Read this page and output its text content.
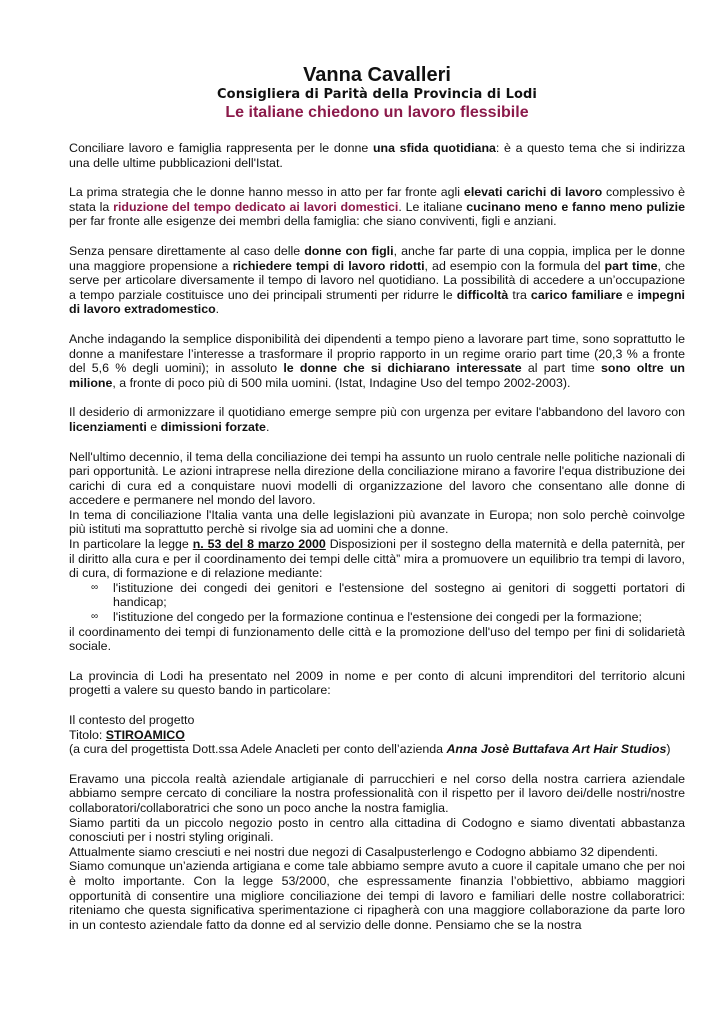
Vanna Cavalleri
Consigliera di Parità della Provincia di Lodi
Le italiane chiedono un lavoro flessibile

Conciliare lavoro e famiglia rappresenta per le donne una sfida quotidiana: è a questo tema che si indirizza una delle ultime pubblicazioni dell'Istat.

La prima strategia che le donne hanno messo in atto per far fronte agli elevati carichi di lavoro complessivo è stata la riduzione del tempo dedicato ai lavori domestici. Le italiane cucinano meno e fanno meno pulizie per far fronte alle esigenze dei membri della famiglia: che siano conviventi, figli e anziani.

Senza pensare direttamente al caso delle donne con figli, anche far parte di una coppia, implica per le donne una maggiore propensione a richiedere tempi di lavoro ridotti, ad esempio con la formula del part time, che serve per articolare diversamente il tempo di lavoro nel quotidiano. La possibilità di accedere a un’occupazione a tempo parziale costituisce uno dei principali strumenti per ridurre le difficoltà tra carico familiare e impegni di lavoro extradomestico.

Anche indagando la semplice disponibilità dei dipendenti a tempo pieno a lavorare part time, sono soprattutto le donne a manifestare l’interesse a trasformare il proprio rapporto in un regime orario part time (20,3 % a fronte del 5,6 % degli uomini); in assoluto le donne che si dichiarano interessate al part time sono oltre un milione, a fronte di poco più di 500 mila uomini. (Istat, Indagine Uso del tempo 2002-2003).

Il desiderio di armonizzare il quotidiano emerge sempre più con urgenza per evitare l'abbandono del lavoro con licenziamenti e dimissioni forzate.

Nell'ultimo decennio, il tema della conciliazione dei tempi ha assunto un ruolo centrale nelle politiche nazionali di pari opportunità. Le azioni intraprese nella direzione della conciliazione mirano a favorire l'equa distribuzione dei carichi di cura ed a conquistare nuovi modelli di organizzazione del lavoro che consentano alle donne di accedere e permanere nel mondo del lavoro.

In tema di conciliazione l'Italia vanta una delle legislazioni più avanzate in Europa; non solo perchè coinvolge più istituti ma soprattutto perchè si rivolge sia ad uomini che a donne.

In particolare la legge n. 53 del 8 marzo 2000 Disposizioni per il sostegno della maternità e della paternità, per il diritto alla cura e per il coordinamento dei tempi delle città” mira a promuovere un equilibrio tra tempi di lavoro, di cura, di formazione e di relazione mediante:

∞ l'istituzione dei congedi dei genitori e l'estensione del sostegno ai genitori di soggetti portatori di handicap;
∞ l'istituzione del congedo per la formazione continua e l'estensione dei congedi per la formazione;

il coordinamento dei tempi di funzionamento delle città e la promozione dell'uso del tempo per fini di solidarietà sociale.

La provincia di Lodi ha presentato nel 2009 in nome e per conto di alcuni imprenditori del territorio alcuni progetti a valere su questo bando in particolare:

Il contesto del progetto

Titolo: STIROAMICO

(a cura del progettista Dott.ssa Adele Anacleti per conto dell’azienda Anna Josè Buttafava Art Hair Studios)

Eravamo una piccola realtà aziendale artigianale di parrucchieri e nel corso della nostra carriera aziendale abbiamo sempre cercato di conciliare la nostra professionalità con il rispetto per il lavoro dei/delle nostri/nostre collaboratori/collaboratrici che sono un poco anche la nostra famiglia.

Siamo partiti da un piccolo negozio posto in centro alla cittadina di Codogno e siamo diventati abbastanza conosciuti per i nostri styling originali.

Attualmente siamo cresciuti e nei nostri due negozi di Casalpusterlengo e Codogno abbiamo 32 dipendenti.

Siamo comunque un’azienda artigiana e come tale abbiamo sempre avuto a cuore il capitale umano che per noi è molto importante. Con la legge 53/2000, che espressamente finanzia l’obbiettivo, abbiamo maggiori opportunità di consentire una migliore conciliazione dei tempi di lavoro e familiari delle nostre collaboratrici: riteniamo che questa significativa sperimentazione ci ripagherà con una maggiore collaborazione da parte loro in un contesto aziendale fatto da donne ed al servizio delle donne. Pensiamo che se la nostra
